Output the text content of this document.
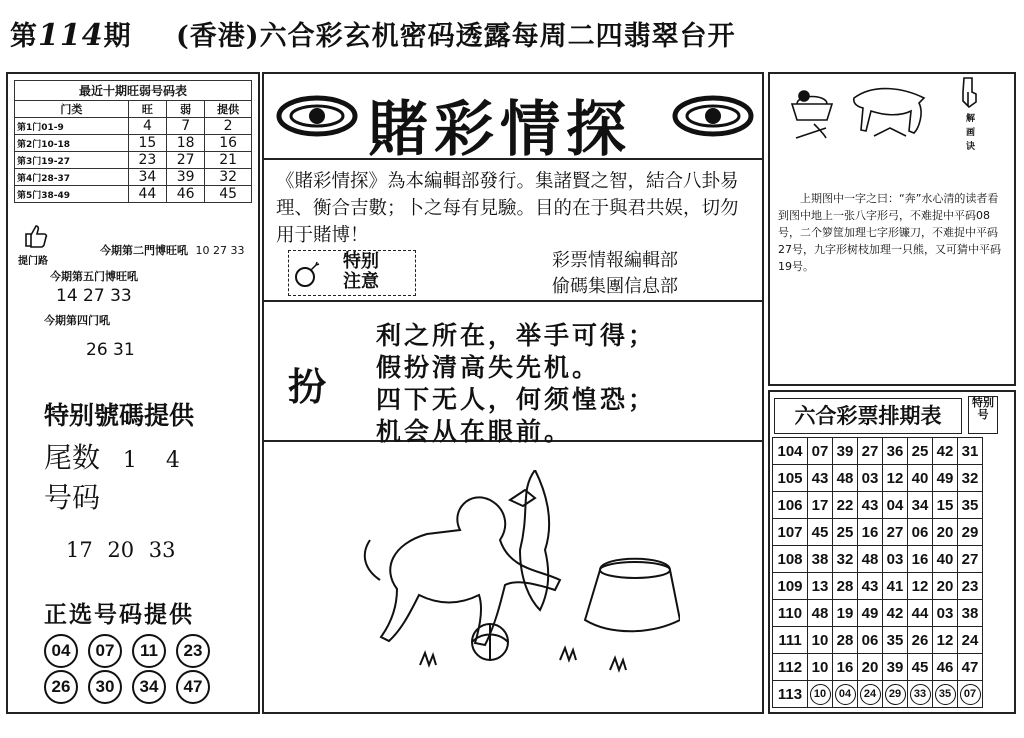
第114期 (香港)六合彩玄机密码透露每周二四翡翠台开
最近十期旺弱号码表
门类	旺	弱	提供
第1门01-9	4	7	2
第2门10-18	15	18	16
第3门19-27	23	27	21
第4门28-37	34	39	32
第5门38-49	44	46	45
提门路
今期第二門博旺吼 10 27 33
今期第五门博旺吼
14 27 33
今期第四门吼
26 31
特别號碼提供
尾数 1 4
号码
17 20 33
正选号码提供
04 07 11 23
26 30 34 47
賭彩情探
《賭彩情探》為本編輯部發行。集諸賢之智，結合八卦易理、衡合吉數；卜之每有見驗。目的在于與君共娱，切勿用于賭博！
特别
注意
彩票情報編輯部
偷碼集團信息部
扮
利之所在，举手可得；
假扮清高失先机。
四下无人，何须惶恐；
机会从在眼前。
解画诀
上期图中一字之曰：“奔”水心清的读者看到图中地上一张八字形弓，不难捉中平码08号，二个箩筐加理七字形镰刀，不难捉中平码27号，九字形树枝加理一只熊，又可猜中平码19号。
六合彩票排期表
特别号
104	07	39	27	36	25	42	31
105	43	48	03	12	40	49	32
106	17	22	43	04	34	15	35
107	45	25	16	27	06	20	29
108	38	32	48	03	16	40	27
109	13	28	43	41	12	20	23
110	48	19	49	42	44	03	38
111	10	28	06	35	26	12	24
112	10	16	20	39	45	46	47
113	10	04	24	29	33	35	07
